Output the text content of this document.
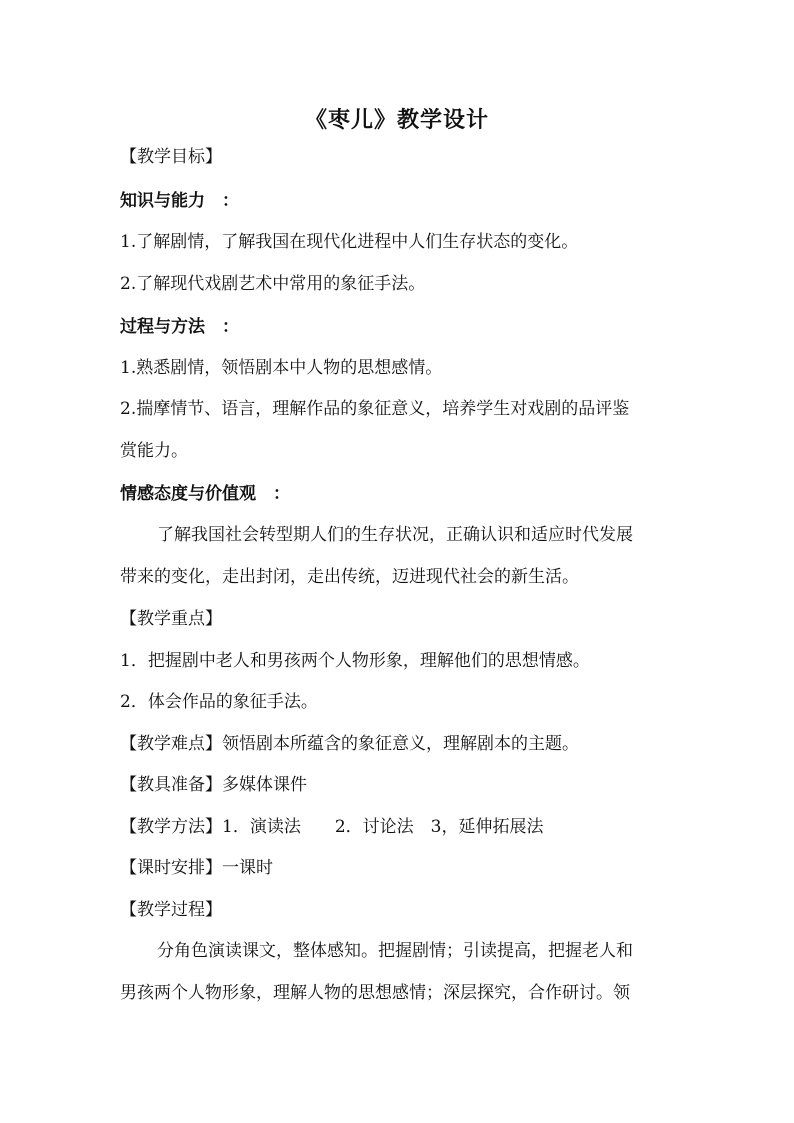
《枣儿》教学设计
【教学目标】
知识与能力　：
1.了解剧情，了解我国在现代化进程中人们生存状态的变化。
2.了解现代戏剧艺术中常用的象征手法。
过程与方法　：
1.熟悉剧情，领悟剧本中人物的思想感情。
2.揣摩情节、语言，理解作品的象征意义，培养学生对戏剧的品评鉴
赏能力。
情感态度与价值观　：
了解我国社会转型期人们的生存状况，正确认识和适应时代发展
带来的变化，走出封闭，走出传统，迈进现代社会的新生活。
【教学重点】
1．把握剧中老人和男孩两个人物形象，理解他们的思想情感。
2．体会作品的象征手法。
【教学难点】领悟剧本所蕴含的象征意义，理解剧本的主题。
【教具准备】多媒体课件
【教学方法】1．演读法　　2．讨论法　3，延伸拓展法
【课时安排】一课时
【教学过程】
分角色演读课文，整体感知。把握剧情；引读提高，把握老人和
男孩两个人物形象，理解人物的思想感情；深层探究，合作研讨。领
